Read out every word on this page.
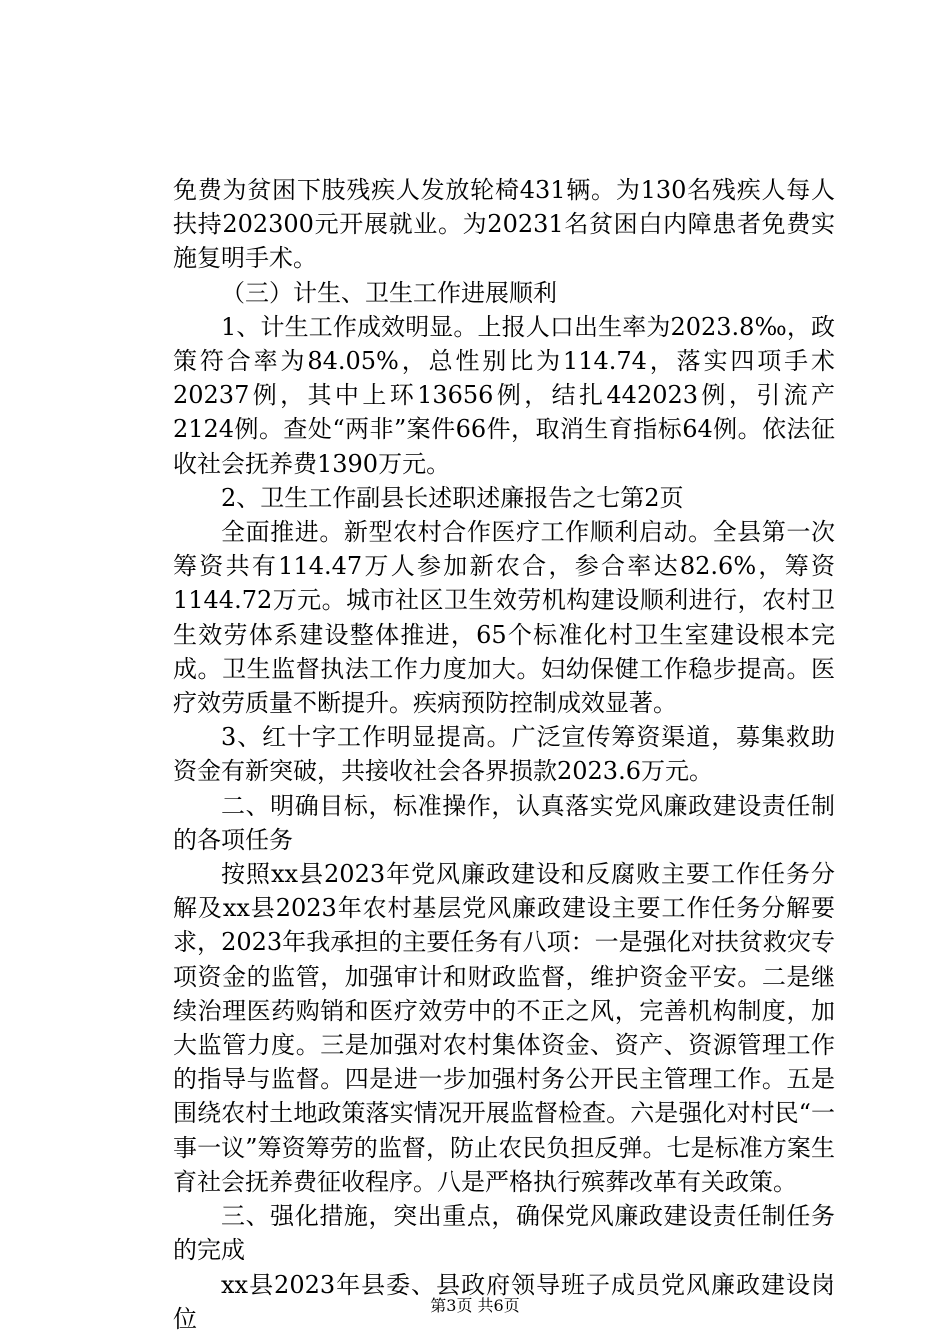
免费为贫困下肢残疾人发放轮椅431辆。为130名残疾人每人扶持202300元开展就业。为20231名贫困白内障患者免费实施复明手术。

（三）计生、卫生工作进展顺利

1、计生工作成效明显。上报人口出生率为2023.8‰，政策符合率为84.05%，总性别比为114.74，落实四项手术20237例，其中上环13656例，结扎442023例，引流产2124例。查处“两非”案件66件，取消生育指标64例。依法征收社会抚养费1390万元。

2、卫生工作副县长述职述廉报告之七第2页

全面推进。新型农村合作医疗工作顺利启动。全县第一次筹资共有114.47万人参加新农合，参合率达82.6%，筹资1144.72万元。城市社区卫生效劳机构建设顺利进行，农村卫生效劳体系建设整体推进，65个标准化村卫生室建设根本完成。卫生监督执法工作力度加大。妇幼保健工作稳步提高。医疗效劳质量不断提升。疾病预防控制成效显著。

3、红十字工作明显提高。广泛宣传筹资渠道，募集救助资金有新突破，共接收社会各界损款2023.6万元。

二、明确目标，标准操作，认真落实党风廉政建设责任制的各项任务

按照xx县2023年党风廉政建设和反腐败主要工作任务分解及xx县2023年农村基层党风廉政建设主要工作任务分解要求，2023年我承担的主要任务有八项：一是强化对扶贫救灾专项资金的监管，加强审计和财政监督，维护资金平安。二是继续治理医药购销和医疗效劳中的不正之风，完善机构制度，加大监管力度。三是加强对农村集体资金、资产、资源管理工作的指导与监督。四是进一步加强村务公开民主管理工作。五是围绕农村土地政策落实情况开展监督检查。六是强化对村民“一事一议”筹资筹劳的监督，防止农民负担反弹。七是标准方案生育社会抚养费征收程序。八是严格执行殡葬改革有关政策。

三、强化措施，突出重点，确保党风廉政建设责任制任务的完成

xx县2023年县委、县政府领导班子成员党风廉政建设岗位	第3页 共6页
